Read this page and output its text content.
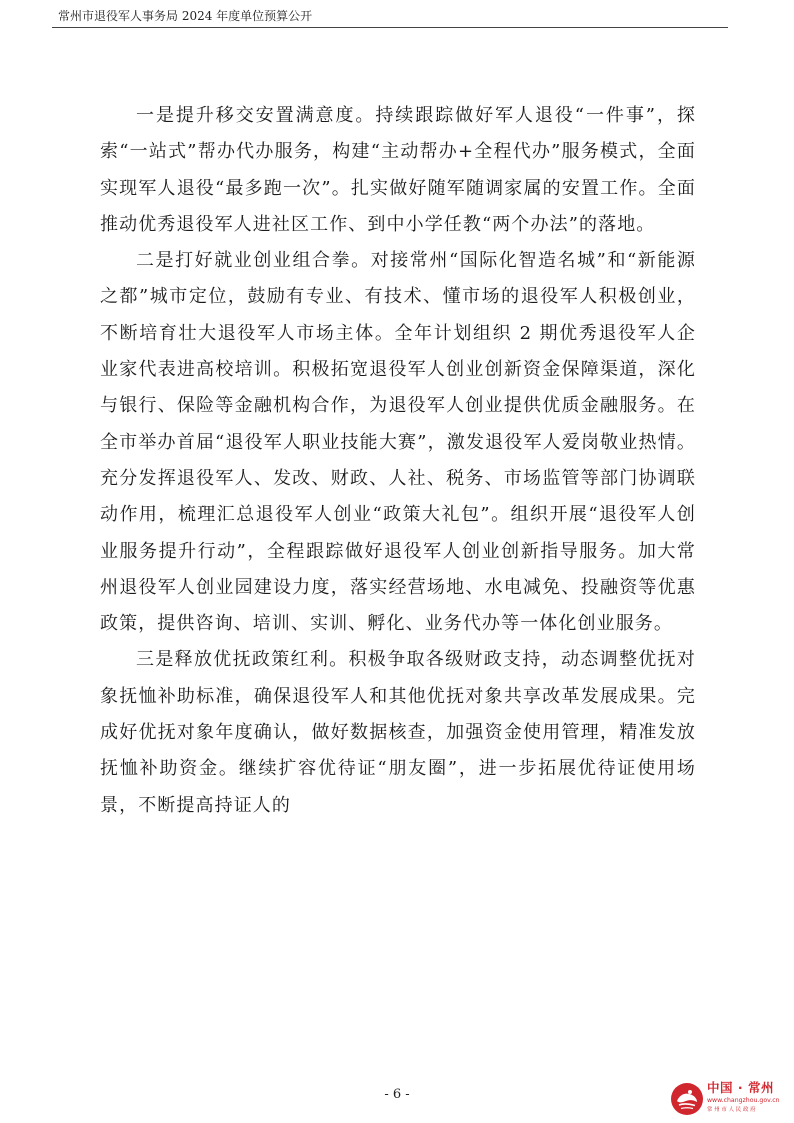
常州市退役军人事务局 2024 年度单位预算公开

一是提升移交安置满意度。持续跟踪做好军人退役“一件事”，探索“一站式”帮办代办服务，构建“主动帮办+全程代办”服务模式，全面实现军人退役“最多跑一次”。扎实做好随军随调家属的安置工作。全面推动优秀退役军人进社区工作、到中小学任教“两个办法”的落地。

二是打好就业创业组合拳。对接常州“国际化智造名城”和“新能源之都”城市定位，鼓励有专业、有技术、懂市场的退役军人积极创业，不断培育壮大退役军人市场主体。全年计划组织 2 期优秀退役军人企业家代表进高校培训。积极拓宽退役军人创业创新资金保障渠道，深化与银行、保险等金融机构合作，为退役军人创业提供优质金融服务。在全市举办首届“退役军人职业技能大赛”，激发退役军人爱岗敬业热情。充分发挥退役军人、发改、财政、人社、税务、市场监管等部门协调联动作用，梳理汇总退役军人创业“政策大礼包”。组织开展“退役军人创业服务提升行动”，全程跟踪做好退役军人创业创新指导服务。加大常州退役军人创业园建设力度，落实经营场地、水电减免、投融资等优惠政策，提供咨询、培训、实训、孵化、业务代办等一体化创业服务。

三是释放优抚政策红利。积极争取各级财政支持，动态调整优抚对象抚恤补助标准，确保退役军人和其他优抚对象共享改革发展成果。完成好优抚对象年度确认，做好数据核查，加强资金使用管理，精准发放抚恤补助资金。继续扩容优待证“朋友圈”，进一步拓展优待证使用场景，不断提高持证人的

- 6 -	中国 · 常州
www.changzhou.gov.cn
常州市人民政府
